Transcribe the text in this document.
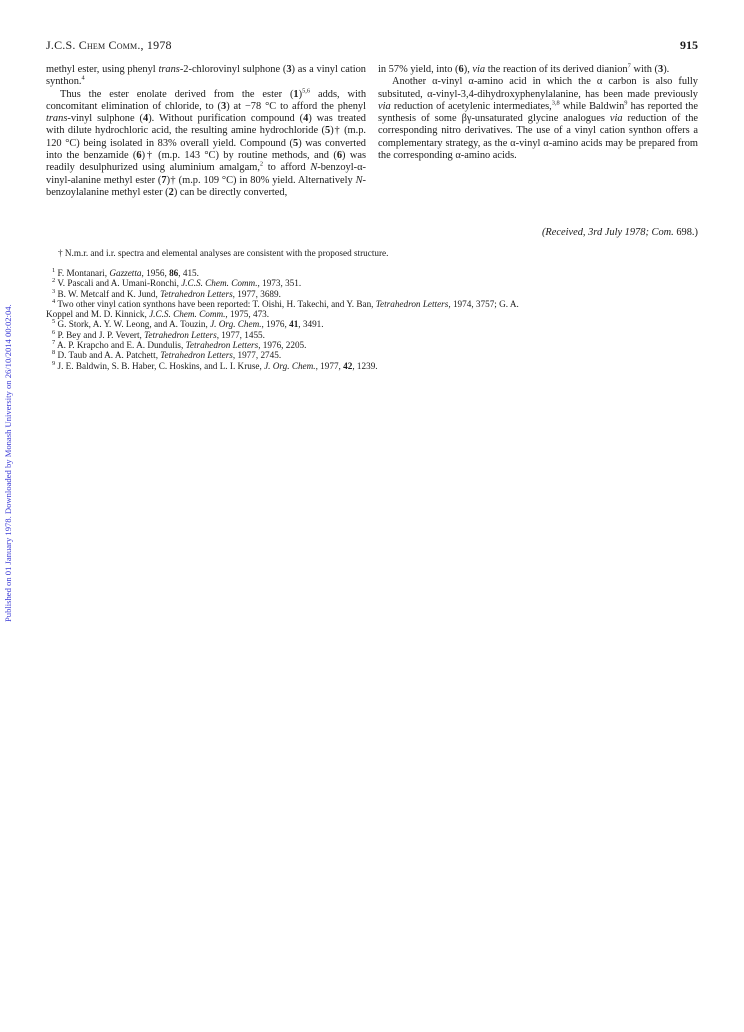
Published on 01 January 1978. Downloaded by Monash University on 26/10/2014 00:02:04.
J.C.S. Chem Comm., 1978	915

methyl ester, using phenyl trans-2-chlorovinyl sulphone (3) as a vinyl cation synthon.$^4$

Thus the ester enolate derived from the ester $(1)^{5,6}$ adds, with concomitant elimination of chloride, to (3) at −78 °C to afford the phenyl trans-vinyl sulphone (4). Without purification compound (4) was treated with dilute hydrochloric acid, the resulting amine hydrochloride (5)† (m.p. 120 °C) being isolated in 83% overall yield. Compound (5) was converted into the benzamide (6)† (m.p. 143 °C) by routine methods, and (6) was readily desulphurized using aluminium amalgam,$^2$ to afford N-benzoyl-α-vinyl-alanine methyl ester (7)† (m.p. 109 °C) in 80% yield. Alternatively N-benzoylalanine methyl ester (2) can be directly converted,

in 57% yield, into (6), via the reaction of its derived dianion$^7$ with (3).

Another α-vinyl α-amino acid in which the α carbon is also fully subsituted, α-vinyl-3,4-dihydroxyphenylalanine, has been made previously via reduction of acetylenic intermediates,$^{3,8}$ while Baldwin$^9$ has reported the synthesis of some βγ-unsaturated glycine analogues via reduction of the corresponding nitro derivatives. The use of a vinyl cation synthon offers a complementary strategy, as the α-vinyl α-amino acids may be prepared from the corresponding α-amino acids.

(Received, 3rd July 1978; Com. 698.)
† N.m.r. and i.r. spectra and elemental analyses are consistent with the proposed structure.
$^1$ F. Montanari, Gazzetta, 1956, 86, 415.
$^2$ V. Pascali and A. Umani-Ronchi, J.C.S. Chem. Comm., 1973, 351.
$^3$ B. W. Metcalf and K. Jund, Tetrahedron Letters, 1977, 3689.
$^4$ Two other vinyl cation synthons have been reported: T. Oishi, H. Takechi, and Y. Ban, Tetrahedron Letters, 1974, 3757; G. A.
Koppel and M. D. Kinnick, J.C.S. Chem. Comm., 1975, 473.
$^5$ G. Stork, A. Y. W. Leong, and A. Touzin, J. Org. Chem., 1976, 41, 3491.
$^6$ P. Bey and J. P. Vevert, Tetrahedron Letters, 1977, 1455.
$^7$ A. P. Krapcho and E. A. Dundulis, Tetrahedron Letters, 1976, 2205.
$^8$ D. Taub and A. A. Patchett, Tetrahedron Letters, 1977, 2745.
$^9$ J. E. Baldwin, S. B. Haber, C. Hoskins, and L. I. Kruse, J. Org. Chem., 1977, 42, 1239.
